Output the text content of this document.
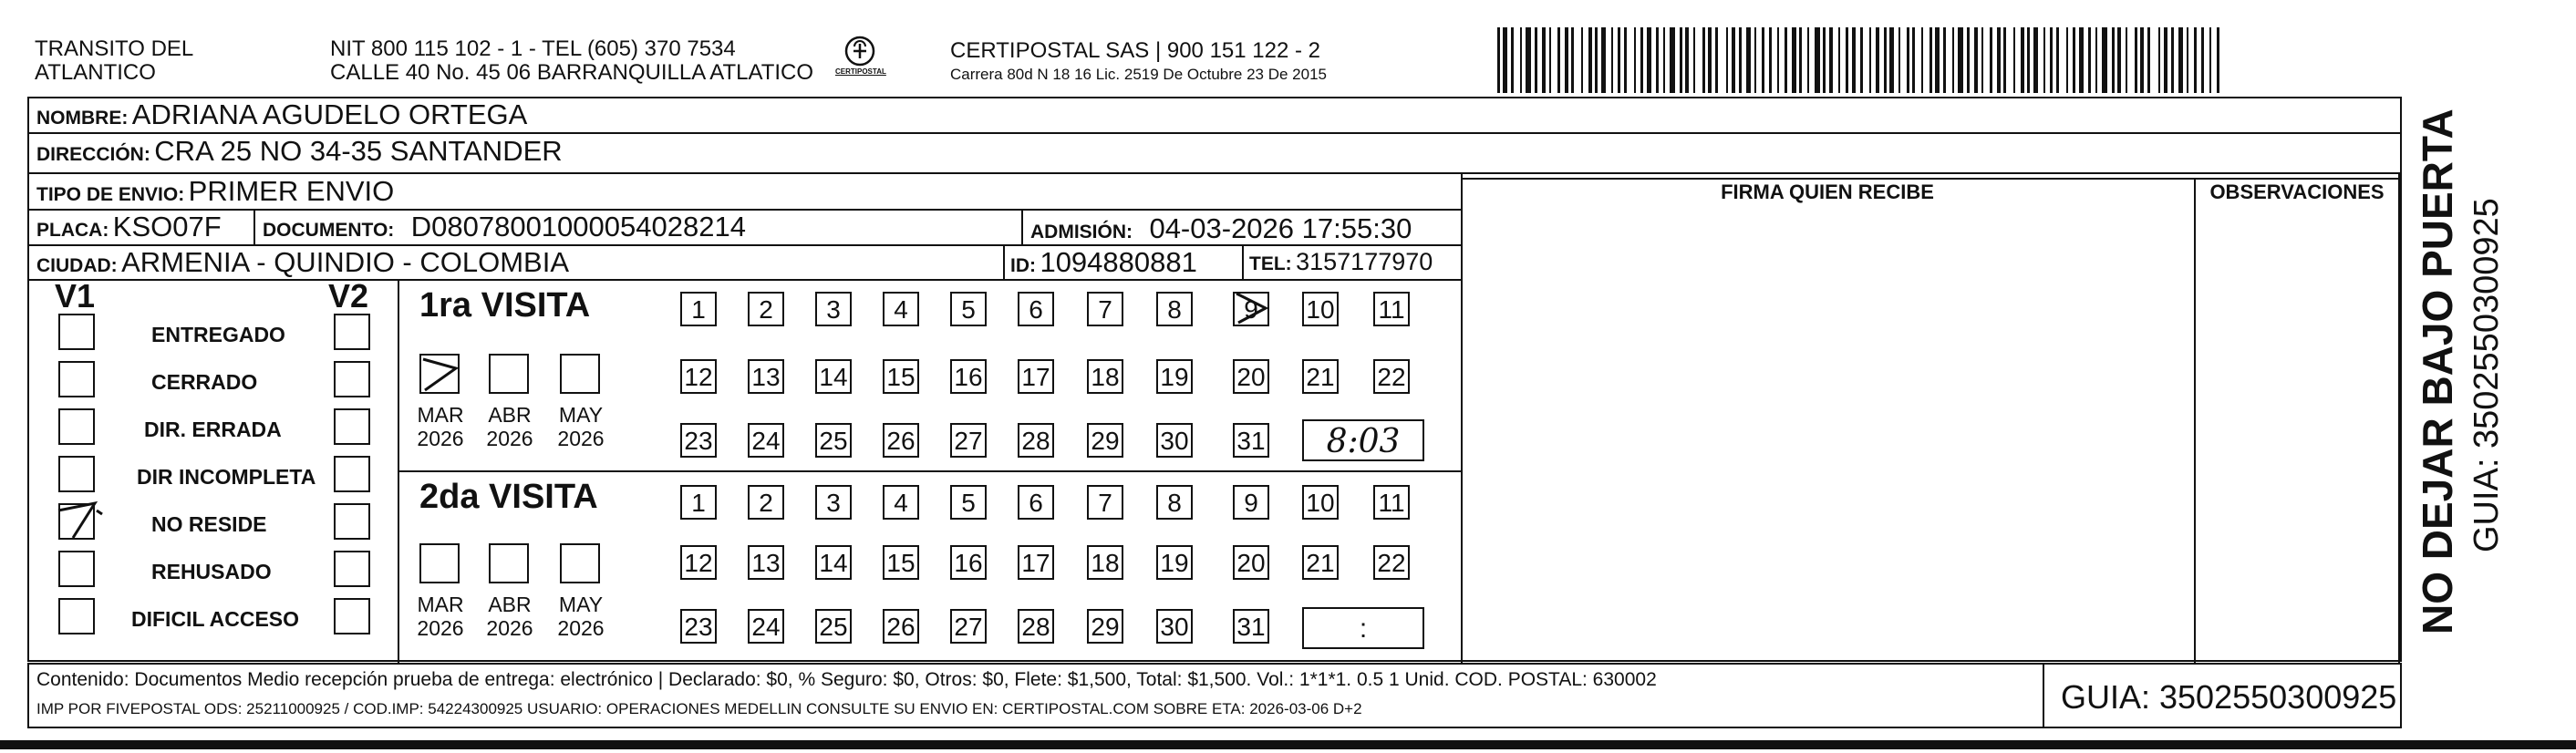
TRANSITO DEL
ATLANTICO
NIT 800 115 102 - 1 - TEL (605) 370 7534
CALLE 40 No. 45 06 BARRANQUILLA ATLATICO	CERTIPOSTAL
CERTIPOSTAL SAS | 900 151 122 - 2
Carrera 80d N 18 16 Lic. 2519 De Octubre 23 De 2015
NOMBRE: ADRIANA AGUDELO ORTEGA
DIRECCIÓN: CRA 25 NO 34-35 SANTANDER
TIPO DE ENVIO: PRIMER ENVIO
PLACA: KSO07F DOCUMENTO: D08078001000054028214	ADMISIÓN: 04-03-2026 17:55:30
CIUDAD: ARMENIA - QUINDIO - COLOMBIA	ID: 1094880881	TEL: 3157177970
FIRMA QUIEN RECIBE	OBSERVACIONES
V1	V2
ENTREGADO
CERRADO
DIR. ERRADA
DIR INCOMPLETA
NO RESIDE
REHUSADO
DIFICIL ACCESO
1ra VISITA
2da VISITA
MAR
2026
ABR
2026
MAY
2026
MAR
2026
ABR
2026
MAY
2026
1	2	3	4	5	6	7	8	9	10 11
12 13 14 15 16 17 18 19 20 21 22
23 24 25 26 27 28 29 30 31
1	2	3	4	5	6	7	8	9	10 11
12 13 14 15 16 17 18 19 20 21 22
23 24 25 26 27 28 29 30 31
8:03
:	NO DEJAR BAJO PUERTA GUIA: 3502550300925
Contenido: Documentos Medio recepción prueba de entrega: electrónico | Declarado: $0, % Seguro: $0, Otros: $0, Flete: $1,500, Total: $1,500. Vol.: 1*1*1. 0.5 1 Unid. COD. POSTAL: 630002
IMP POR FIVEPOSTAL ODS: 25211000925 / COD.IMP: 54224300925 USUARIO: OPERACIONES MEDELLIN CONSULTE SU ENVIO EN: CERTIPOSTAL.COM SOBRE ETA: 2026-03-06 D+2	GUIA: 3502550300925
